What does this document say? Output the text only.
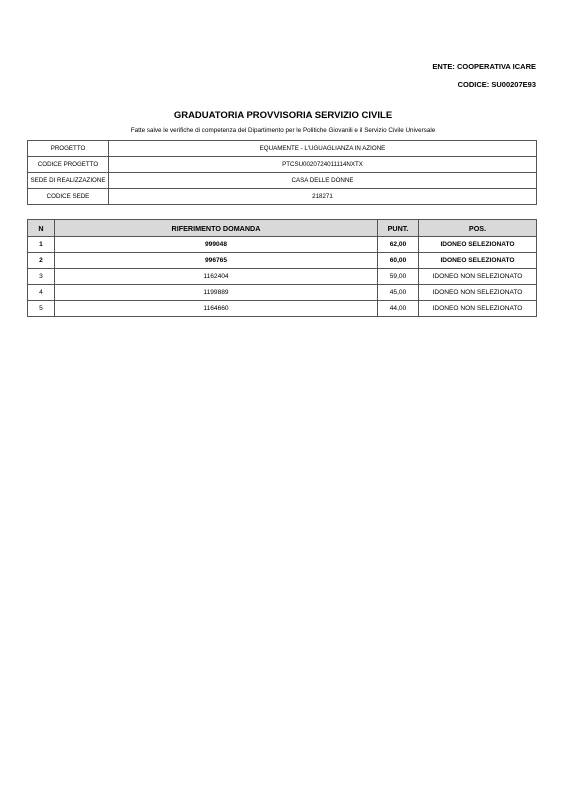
ENTE: COOPERATIVA ICARE
CODICE: SU00207E93
GRADUATORIA PROVVISORIA SERVIZIO CIVILE
Fatte salve le verifiche di competenza del Dipartimento per le Politiche Giovanili e il Servizio Civile Universale
PROGETTO	EQUAMENTE - L'UGUAGLIANZA IN AZIONE
CODICE PROGETTO	PTCSU0020724011114NXTX
SEDE DI REALIZZAZIONE	CASA DELLE DONNE
CODICE SEDE	218271
N	RIFERIMENTO DOMANDA	PUNT.	POS.
1	999048	62,00	IDONEO SELEZIONATO
2	996765	60,00	IDONEO SELEZIONATO
3	1162404	59,00	IDONEO NON SELEZIONATO
4	1199889	45,00	IDONEO NON SELEZIONATO
5	1164660	44,00	IDONEO NON SELEZIONATO
